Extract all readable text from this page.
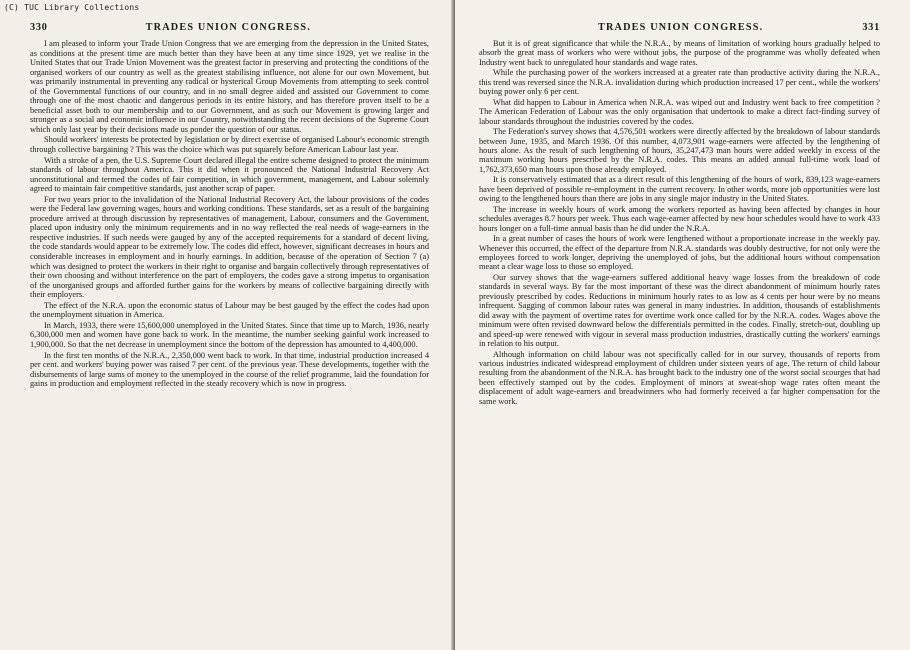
330	TRADES UNION CONGRESS.

I am pleased to inform your Trade Union Congress that we are emerging from the depression in the United States, as conditions at the present time are much better than they have been at any time since 1929, yet we realise in the United States that our Trade Union Movement was the greatest factor in preserving and protecting the conditions of the organised workers of our country as well as the greatest stabilising influence, not alone for our own Movement, but was primarily instrumental in preventing any radical or hysterical Group Movements from attempting to seek control of the Governmental functions of our country, and in no small degree aided and assisted our Government to come through one of the most chaotic and dangerous periods in its entire history, and has therefore proven itself to be a beneficial asset both to our membership and to our Government, and as such our Movement is growing larger and stronger as a social and economic influence in our Country, notwithstanding the recent decisions of the Supreme Court which only last year by their decisions made us ponder the question of our status.

Should workers' interests be protected by legislation or by direct exercise of organised Labour's economic strength through collective bargaining ? This was the choice which was put squarely before American Labour last year.

With a stroke of a pen, the U.S. Supreme Court declared illegal the entire scheme designed to protect the minimum standards of labour throughout America. This it did when it pronounced the National Industrial Recovery Act unconstitutional and termed the codes of fair competition, in which government, management, and Labour solemnly agreed to maintain fair competitive standards, just another scrap of paper.

For two years prior to the invalidation of the National Industrial Recovery Act, the labour provisions of the codes were the Federal law governing wages, hours and working conditions. These standards, set as a result of the bargaining procedure arrived at through discussion by representatives of management, Labour, consumers and the Government, placed upon industry only the minimum requirements and in no way reflected the real needs of wage-earners in the respective industries. If such needs were gauged by any of the accepted requirements for a standard of decent living, the code standards would appear to be extremely low. The codes did effect, however, significant decreases in hours and considerable increases in employment and in hourly earnings. In addition, because of the operation of Section 7 (a) which was designed to protect the workers in their right to organise and bargain collectively through representatives of their own choosing and without interference on the part of employers, the codes gave a strong impetus to organisation of the unorganised groups and afforded further gains for the workers by means of collective bargaining directly with their employers.

The effect of the N.R.A. upon the economic status of Labour may be best gauged by the effect the codes had upon the unemployment situation in America.

In March, 1933, there were 15,600,000 unemployed in the United States. Since that time up to March, 1936, nearly 6,300,000 men and women have gone back to work. In the meantime, the number seeking gainful work increased to 1,900,000. So that the net decrease in unemployment since the bottom of the depression has amounted to 4,400,000.

In the first ten months of the N.R.A., 2,350,000 went back to work. In that time, industrial production increased 4 per cent. and workers' buying power was raised 7 per cent. of the previous year. These developments, together with the disbursements of large sums of money to the unemployed in the course of the relief programme, laid the foundation for gains in production and employment reflected in the steady recovery which is now in progress.

TRADES UNION CONGRESS.	331

But it is of great significance that while the N.R.A., by means of limitation of working hours gradually helped to absorb the great mass of workers who were without jobs, the purpose of the programme was wholly defeated when Industry went back to unregulated hour standards and wage rates.

While the purchasing power of the workers increased at a greater rate than productive activity during the N.R.A., this trend was reversed since the N.R.A. invalidation during which production increased 17 per cent., while the workers' buying power only 6 per cent.

What did happen to Labour in America when N.R.A. was wiped out and Industry went back to free competition ? The American Federation of Labour was the only organisation that undertook to make a direct fact-finding survey of labour standards throughout the industries covered by the codes.

The Federation's survey shows that 4,576,501 workers were directly affected by the breakdown of labour standards between June, 1935, and March 1936. Of this number, 4,073,901 wage-earners were affected by the lengthening of hours alone. As the result of such lengthening of hours, 35,247,473 man hours were added weekly in excess of the maximum working hours prescribed by the N.R.A. codes. This means an added annual full-time work load of 1,762,373,650 man hours upon those already employed.

It is conservatively estimated that as a direct result of this lengthening of the hours of work, 839,123 wage-earners have been deprived of possible re-employment in the current recovery. In other words, more job opportunities were lost owing to the lengthened hours than there are jobs in any single major industry in the United States.

The increase in weekly hours of work among the workers reported as having been affected by changes in hour schedules averages 8.7 hours per week. Thus each wage-earner affected by new hour schedules would have to work 433 hours longer on a full-time annual basis than he did under the N.R.A.

In a great number of cases the hours of work were lengthened without a proportionate increase in the weekly pay. Whenever this occurred, the effect of the departure from N.R.A. standards was doubly destructive, for not only were the employees forced to work longer, depriving the unemployed of jobs, but the additional hours without compensation meant a clear wage loss to those so employed.

Our survey shows that the wage-earners suffered additional heavy wage losses from the breakdown of code standards in several ways. By far the most important of these was the direct abandonment of minimum hourly rates previously prescribed by codes. Reductions in minimum hourly rates to as low as 4 cents per hour were by no means infrequent. Sagging of common labour rates was general in many industries. In addition, thousands of establishments did away with the payment of overtime rates for overtime work once called for by the N.R.A. codes. Wages above the minimum were often revised downward below the differentials permitted in the codes. Finally, stretch-out, doubling up and speed-up were renewed with vigour in several mass production industries, drastically cutting the workers' earnings in relation to his output.

Although information on child labour was not specifically called for in our survey, thousands of reports from various industries indicated widespread employment of children under sixteen years of age. The return of child labour resulting from the abandonment of the N.R.A. has brought back to the industry one of the worst social scourges that had been effectively stamped out by the codes. Employment of minors at sweat-shop wage rates often meant the displacement of adult wage-earners and breadwinners who had formerly received a far higher compensation for the same work.

(C) TUC Library Collections
